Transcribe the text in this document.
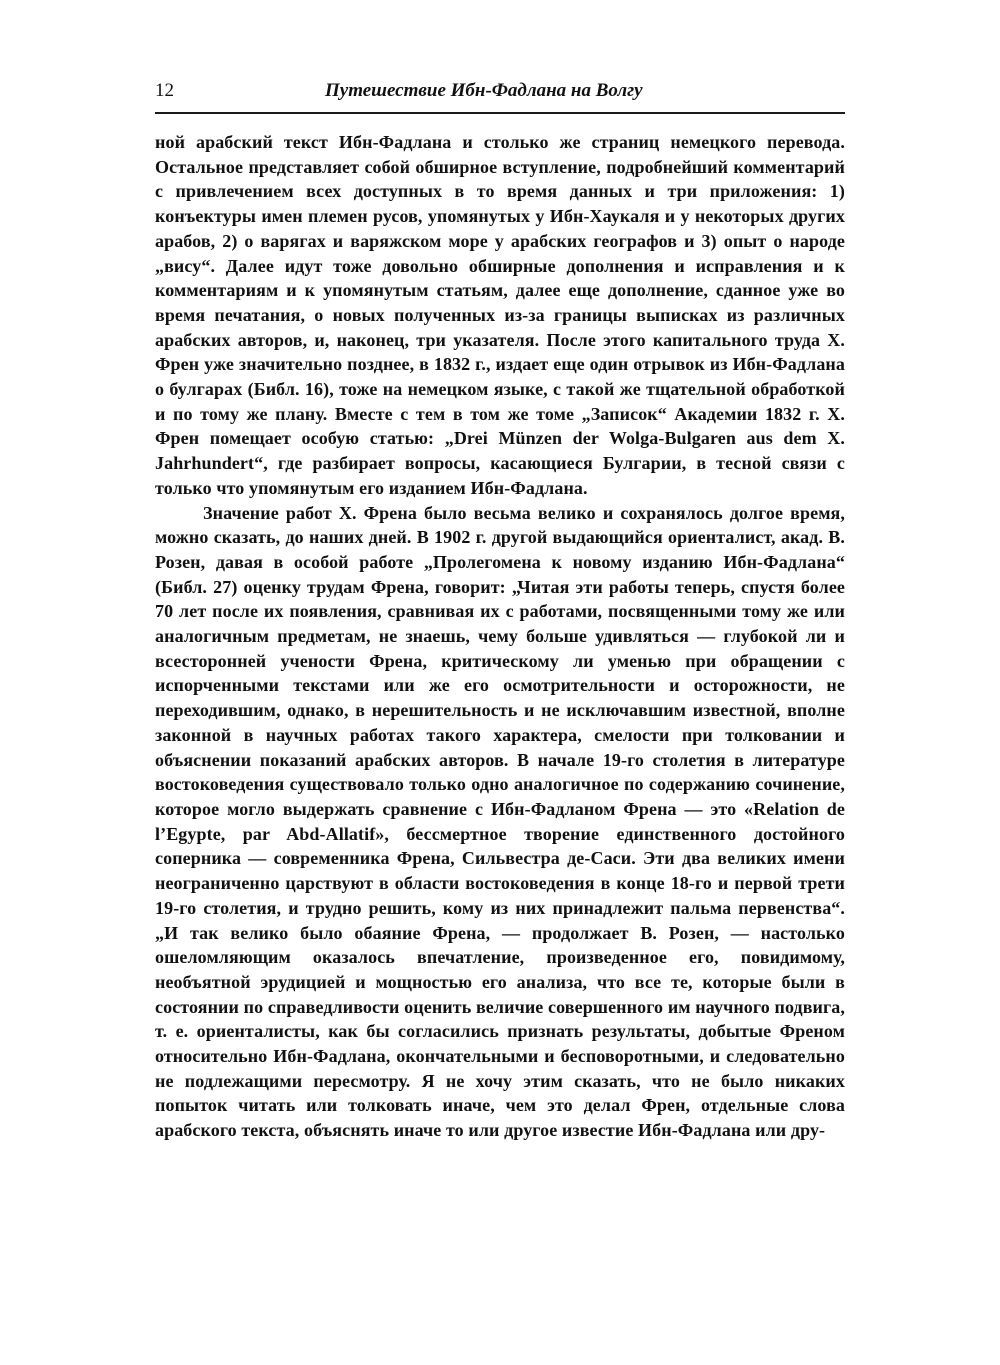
12	Путешествие Ибн-Фадлана на Волгу

ной арабский текст Ибн-Фадлана и столько же страниц немецкого перевода. Остальное представляет собой обширное вступление, подробнейший комментарий с привлечением всех доступных в то время данных и три приложения: 1) конъектуры имен племен русов, упомянутых у Ибн-Хаукаля и у некоторых других арабов, 2) о варягах и варяжском море у арабских географов и 3) опыт о народе „вису“. Далее идут тоже довольно обширные дополнения и исправления и к комментариям и к упомянутым статьям, далее еще дополнение, сданное уже во время печатания, о новых полученных из-за границы выписках из различных арабских авторов, и, наконец, три указателя. После этого капитального труда Х. Френ уже значительно позднее, в 1832 г., издает еще один отрывок из Ибн-Фадлана о булгарах (Библ. 16), тоже на немецком языке, с такой же тщательной обработкой и по тому же плану. Вместе с тем в том же томе „Записок“ Академии 1832 г. Х. Френ помещает особую статью: „Drei Münzen der Wolga-Bulgaren aus dem X. Jahrhundert“, где разбирает вопросы, касающиеся Булгарии, в тесной связи с только что упомянутым его изданием Ибн-Фадлана.

Значение работ Х. Френа было весьма велико и сохранялось долгое время, можно сказать, до наших дней. В 1902 г. другой выдающийся ориенталист, акад. В. Розен, давая в особой работе „Пролегомена к новому изданию Ибн-Фадлана“ (Библ. 27) оценку трудам Френа, говорит: „Читая эти работы теперь, спустя более 70 лет после их появления, сравнивая их с работами, посвященными тому же или аналогичным предметам, не знаешь, чему больше удивляться — глубокой ли и всесторонней учености Френа, критическому ли уменью при обращении с испорченными текстами или же его осмотрительности и осторожности, не переходившим, однако, в нерешительность и не исключавшим известной, вполне законной в научных работах такого характера, смелости при толковании и объяснении показаний арабских авторов. В начале 19-го столетия в литературе востоковедения существовало только одно аналогичное по содержанию сочинение, которое могло выдержать сравнение с Ибн-Фадланом Френа — это «Relation de l’Egypte, par Abd-Allatif», бессмертное творение единственного достойного соперника — современника Френа, Сильвестра де-Саси. Эти два великих имени неограниченно царствуют в области востоковедения в конце 18-го и первой трети 19-го столетия, и трудно решить, кому из них принадлежит пальма первенства“. „И так велико было обаяние Френа, — продолжает В. Розен, — настолько ошеломляющим оказалось впечатление, произведенное его, повидимому, необъятной эрудицией и мощностью его анализа, что все те, которые были в состоянии по справедливости оценить величие совершенного им научного подвига, т. е. ориенталисты, как бы согласились признать результаты, добытые Френом относительно Ибн-Фадлана, окончательными и бесповоротными, и следовательно не подлежащими пересмотру. Я не хочу этим сказать, что не было никаких попыток читать или толковать иначе, чем это делал Френ, отдельные слова арабского текста, объяснять иначе то или другое известие Ибн-Фадлана или дру-
